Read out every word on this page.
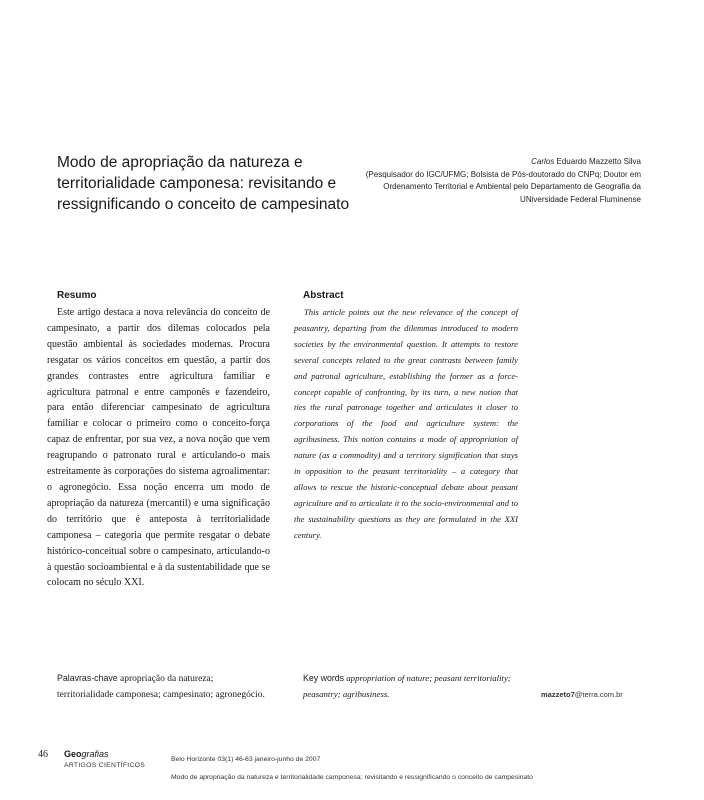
Modo de apropriação da natureza e territorialidade camponesa: revisitando e ressignificando o conceito de campesinato
Carlos Eduardo Mazzetto Silva
(Pesquisador do IGC/UFMG; Bolsista de Pós-doutorado do CNPq; Doutor em Ordenamento Territorial e Ambiental pelo Departamento de Geografia da UNiversidade Federal Fluminense
Resumo

Este artigo destaca a nova relevância do conceito de campesinato, a partir dos dilemas colocados pela questão ambiental às sociedades modernas. Procura resgatar os vários conceitos em questão, a partir dos grandes contrastes entre agricultura familiar e agricultura patronal e entre camponês e fazendeiro, para então diferenciar campesinato de agricultura familiar e colocar o primeiro como o conceito-força capaz de enfrentar, por sua vez, a nova noção que vem reagrupando o patronato rural e articulando-o mais estreitamente às corporações do sistema agroalimentar: o agronegócio. Essa noção encerra um modo de apropriação da natureza (mercantil) e uma significação do território que é anteposta à territorialidade camponesa – categoria que permite resgatar o debate histórico-conceitual sobre o campesinato, articulando-o à questão socioambiental e à da sustentabilidade que se colocam no século XXI.

Abstract

This article points out the new relevance of the concept of peasantry, departing from the dilemmas introduced to modern societies by the environmental question. It attempts to restore several concepts related to the great contrasts between family and patronal agriculture, establishing the former as a force-concept capable of confronting, by its turn, a new notion that ties the rural patronage together and articulates it closer to corporations of the food and agriculture system: the agribusiness. This notion contains a mode of appropriation of nature (as a commodity) and a territory signification that stays in opposition to the peasant territoriality – a category that allows to rescue the historic-conceptual debate about peasant agriculture and to articulate it to the socio-environmental and to the sustainability questions as they are formulated in the XXI century.

Palavras-chave apropriação da natureza; territorialidade camponesa; campesinato; agronegócio.
Key words appropriation of nature; peasant territoriality; peasantry; agribusiness.	mazzeto7@terra.com.br
46 Geografias
ARTIGOS CIENTÍFICOS
Belo Horizonte 03(1) 46-63 janeiro-junho de 2007
Modo de apropriação da natureza e territorialidade camponesa: revisitando e ressignificando o conceito de campesinato
